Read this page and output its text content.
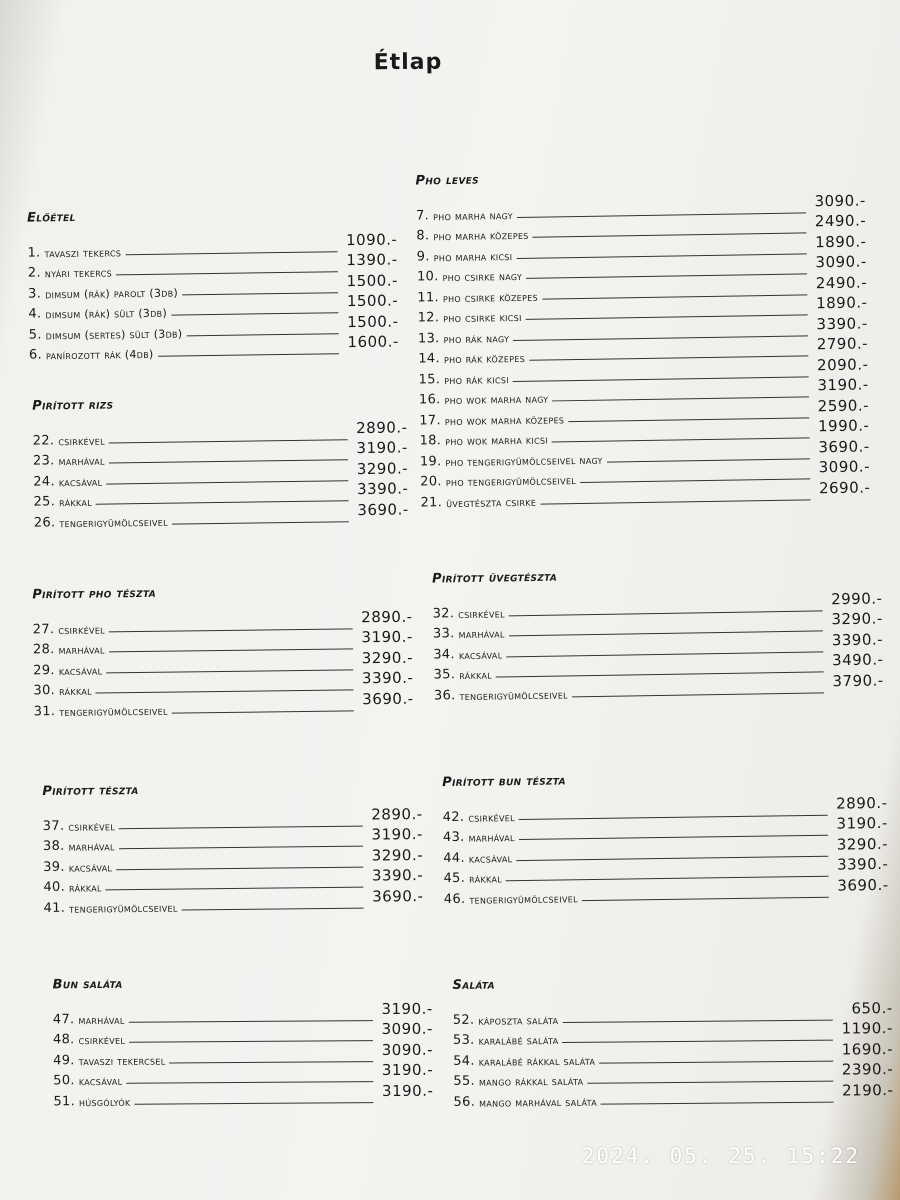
Étlap
Előétel
1. tavaszi tekercs
1090.-
2. nyári tekercs
1390.-
3. dimsum (rák) parolt (3db)
1500.-
4. dimsum (rák) sült (3db)
1500.-
5. dimsum (sertes) sült (3db)
1500.-
6. panírozott rák (4db)
1600.-
Pho leves
7. pho marha nagy
3090.-
8. pho marha közepes
2490.-
9. pho marha kicsi
1890.-
10. pho csirke nagy
3090.-
11. pho csirke közepes
2490.-
12. pho csirke kicsi
1890.-
13. pho rák nagy
3390.-
14. pho rák közepes
2790.-
15. pho rák kicsi
2090.-
16. pho wok marha nagy
3190.-
17. pho wok marha közepes
2590.-
18. pho wok marha kicsi
1990.-
19. pho tengerigyümölcseivel nagy
3690.-
20. pho tengerigyümölcseivel
3090.-
21. üvegtészta csirke
2690.-
Pirított rizs
22. csirkével
2890.-
23. marhával
3190.-
24. kacsával
3290.-
25. rákkal
3390.-
26. tengerigyümölcseivel
3690.-
Pirított üvegtészta
32. csirkével
2990.-
33. marhával
3290.-
34. kacsával
3390.-
35. rákkal
3490.-
36. tengerigyümölcseivel
3790.-
Pirított pho tészta
27. csirkével
2890.-
28. marhával
3190.-
29. kacsával
3290.-
30. rákkal
3390.-
31. tengerigyümölcseivel
3690.-
Pirított bun tészta
42. csirkével
2890.-
43. marhával
3190.-
44. kacsával
3290.-
45. rákkal
3390.-
46. tengerigyümölcseivel
3690.-
Pirított tészta
37. csirkével
2890.-
38. marhával
3190.-
39. kacsával
3290.-
40. rákkal
3390.-
41. tengerigyümölcseivel
3690.-
Bun saláta
47. marhával
3190.-
48. csirkével
3090.-
49. tavaszi tekercsel
3090.-
50. kacsával
3190.-
51. húsgólyók
3190.-
Saláta
52. káposzta saláta
650.-
53. karalábé saláta
1190.-
54. karalábé rákkal saláta
1690.-
55. mango rákkal saláta
2390.-
56. mango marhával saláta
2190.-
2024. 05. 25. 15:22
